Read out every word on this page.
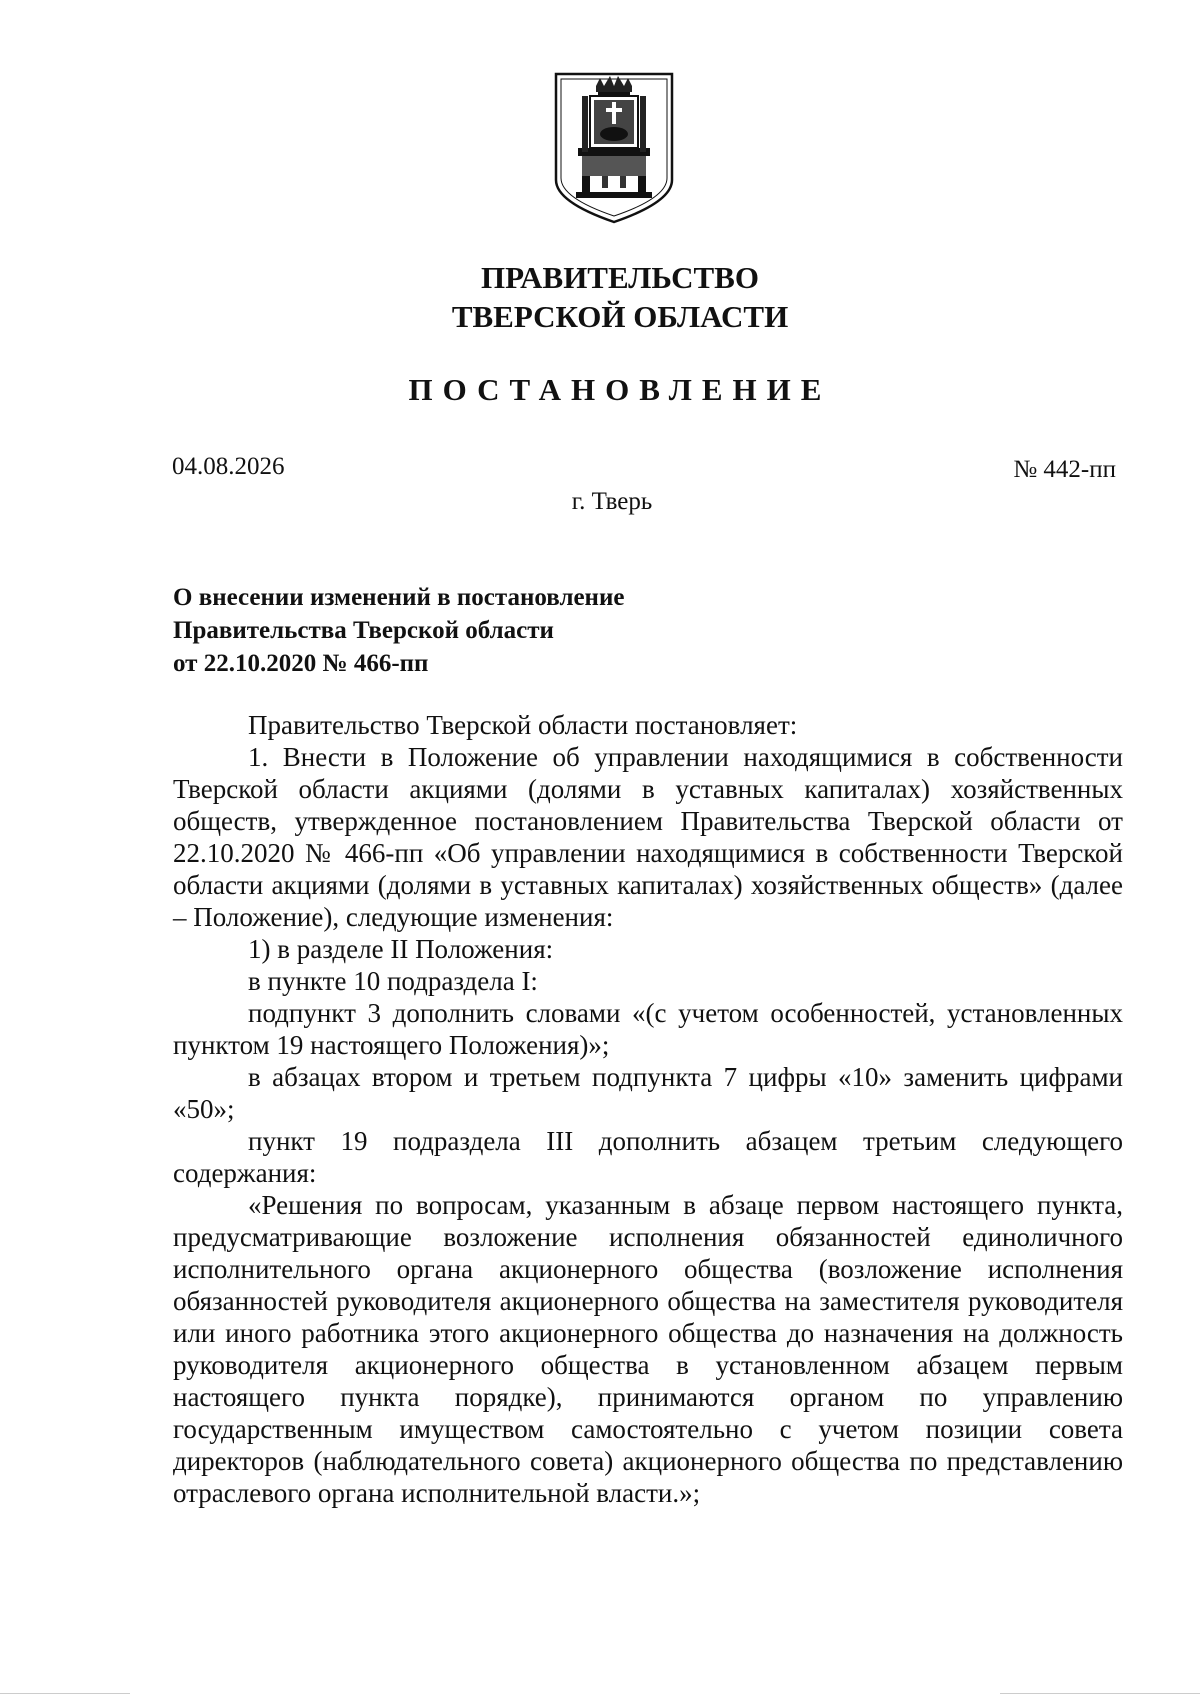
ПРАВИТЕЛЬСТВО
ТВЕРСКОЙ ОБЛАСТИ
ПОСТАНОВЛЕНИЕ
04.08.2026	№ 442-пп
г. Тверь
О внесении изменений в постановление
Правительства Тверской области
от 22.10.2020 № 466-пп

Правительство Тверской области постановляет:

1. Внести в Положение об управлении находящимися в собственности Тверской области акциями (долями в уставных капиталах) хозяйственных обществ, утвержденное постановлением Правительства Тверской области от 22.10.2020 № 466-пп «Об управлении находящимися в собственности Тверской области акциями (долями в уставных капиталах) хозяйственных обществ» (далее – Положение), следующие изменения:

1) в разделе II Положения:

в пункте 10 подраздела I:

подпункт 3 дополнить словами «(с учетом особенностей, установленных пунктом 19 настоящего Положения)»;

в абзацах втором и третьем подпункта 7 цифры «10» заменить цифрами «50»;

пункт 19 подраздела III дополнить абзацем третьим следующего содержания:

«Решения по вопросам, указанным в абзаце первом настоящего пункта, предусматривающие возложение исполнения обязанностей единоличного исполнительного органа акционерного общества (возложение исполнения обязанностей руководителя акционерного общества на заместителя руководителя или иного работника этого акционерного общества до назначения на должность руководителя акционерного общества в установленном абзацем первым настоящего пункта порядке), принимаются органом по управлению государственным имуществом самостоятельно с учетом позиции совета директоров (наблюдательного совета) акционерного общества по представлению отраслевого органа исполнительной власти.»;
